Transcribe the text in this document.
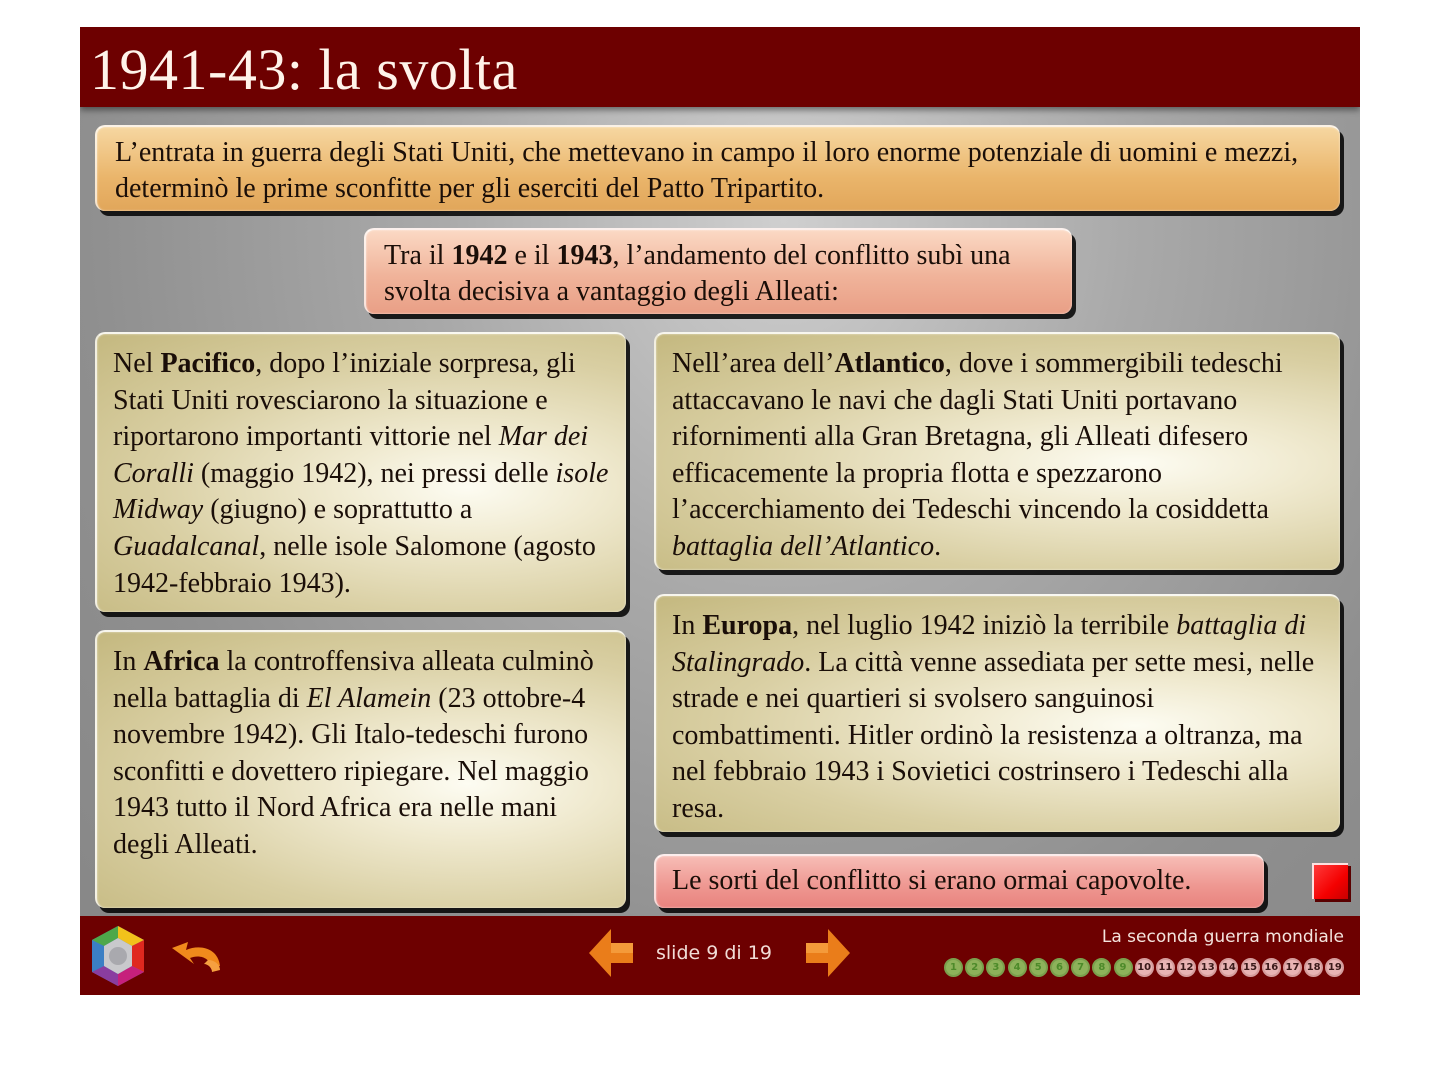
1941-43: la svolta
L’entrata in guerra degli Stati Uniti, che mettevano in campo il loro enorme potenziale di uomini e mezzi, determinò le prime sconfitte per gli eserciti del Patto Tripartito.
Tra il 1942 e il 1943, l’andamento del conflitto subì una svolta decisiva a vantaggio degli Alleati:
Nel Pacifico, dopo l’iniziale sorpresa, gli Stati Uniti rovesciarono la situazione e riportarono importanti vittorie nel Mar dei Coralli (maggio 1942), nei pressi delle isole Midway (giugno) e soprattutto a Guadalcanal, nelle isole Salomone (agosto 1942-febbraio 1943).
Nell’area dell’Atlantico, dove i sommergibili tedeschi attaccavano le navi che dagli Stati Uniti portavano rifornimenti alla Gran Bretagna, gli Alleati difesero efficacemente la propria flotta e spezzarono l’accerchiamento dei Tedeschi vincendo la cosiddetta battaglia dell’Atlantico.
In Europa, nel luglio 1942 iniziò la terribile battaglia di Stalingrado. La città venne assediata per sette mesi, nelle strade e nei quartieri si svolsero sanguinosi combattimenti. Hitler ordinò la resistenza a oltranza, ma nel febbraio 1943 i Sovietici costrinsero i Tedeschi alla resa.
In Africa la controffensiva alleata culminò nella battaglia di El Alamein (23 ottobre-4 novembre 1942). Gli Italo-tedeschi furono sconfitti e dovettero ripiegare. Nel maggio 1943 tutto il Nord Africa era nelle mani degli Alleati.
Le sorti del conflitto si erano ormai capovolte.
slide 9 di 19
La seconda guerra mondiale
1	2	3	4	5	6	7	8	9	10 11 12 13 14 15 16 17 18 19
